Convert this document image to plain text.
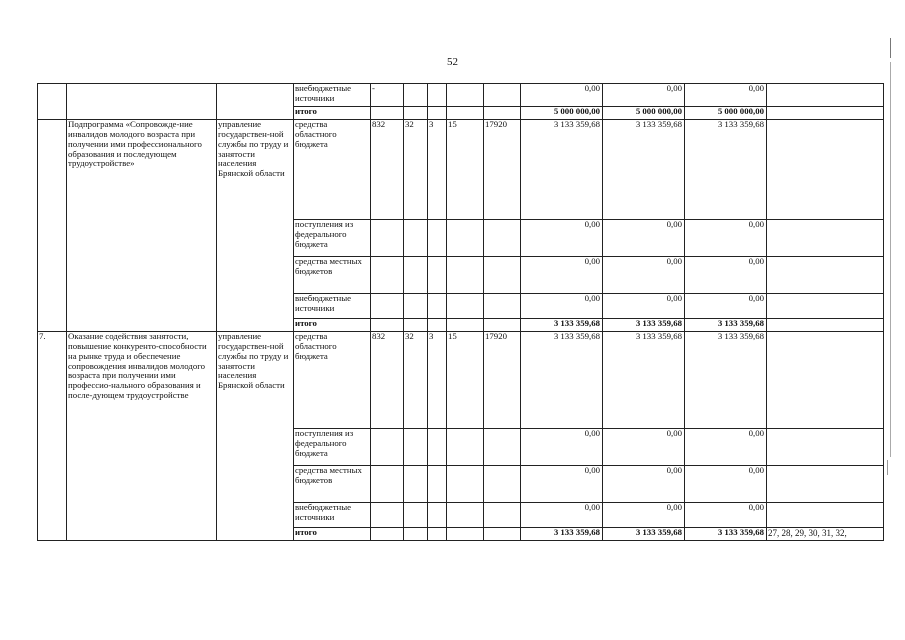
52
			внебюджетные источники	-					0,00	0,00	0,00	
			итого						5 000 000,00	5 000 000,00	5 000 000,00	
	Подпрограмма «Сопровожде-ние инвалидов молодого возраста при получении ими профессионального образования и последующем трудоустройстве»	управление государствен-ной службы по труду и занятости населения Брянской области	средства областного бюджета	832	32	3	15	17920	3 133 359,68	3 133 359,68	3 133 359,68	
			поступления из федерального бюджета						0,00	0,00	0,00	
			средства местных бюджетов						0,00	0,00	0,00	
			внебюджетные источники						0,00	0,00	0,00	
			итого						3 133 359,68	3 133 359,68	3 133 359,68	
7.	Оказание содействия занятости, повышение конкуренто-способности на рынке труда и обеспечение сопровождения инвалидов молодого возраста при получении ими профессио-нального образования и после-дующем трудоустройстве	управление государствен-ной службы по труду и занятости населения Брянской области	средства областного бюджета	832	32	3	15	17920	3 133 359,68	3 133 359,68	3 133 359,68	
			поступления из федерального бюджета						0,00	0,00	0,00	
			средства местных бюджетов						0,00	0,00	0,00	
			внебюджетные источники						0,00	0,00	0,00	
			итого						3 133 359,68	3 133 359,68	3 133 359,68	27, 28, 29, 30, 31, 32,
